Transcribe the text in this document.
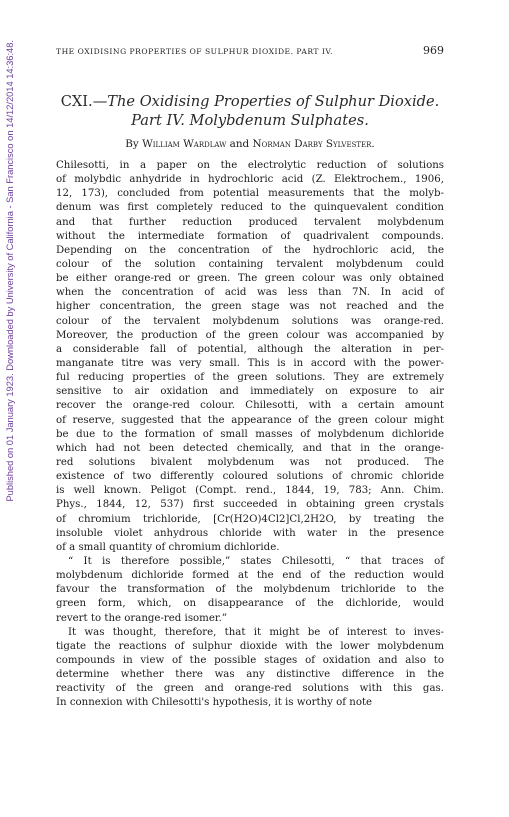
Published on 01 January 1923. Downloaded by University of California - San Francisco on 14/12/2014 14:36:48.	THE OXIDISING PROPERTIES OF SULPHUR DIOXIDE. PART IV.	969
CXI.—The Oxidising Properties of Sulphur Dioxide.
Part IV. Molybdenum Sulphates.
By William Wardlaw and Norman Darby Sylvester.
Chilesotti, in a paper on the electrolytic reduction of solutions
of molybdic anhydride in hydrochloric acid (Z. Elektrochem., 1906,
12, 173), concluded from potential measurements that the molyb-
denum was first completely reduced to the quinquevalent condition
and that further reduction produced tervalent molybdenum
without the intermediate formation of quadrivalent compounds.
Depending on the concentration of the hydrochloric acid, the
colour of the solution containing tervalent molybdenum could
be either orange-red or green. The green colour was only obtained
when the concentration of acid was less than 7N. In acid of
higher concentration, the green stage was not reached and the
colour of the tervalent molybdenum solutions was orange-red.
Moreover, the production of the green colour was accompanied by
a considerable fall of potential, although the alteration in per-
manganate titre was very small. This is in accord with the power-
ful reducing properties of the green solutions. They are extremely
sensitive to air oxidation and immediately on exposure to air
recover the orange-red colour. Chilesotti, with a certain amount
of reserve, suggested that the appearance of the green colour might
be due to the formation of small masses of molybdenum dichloride
which had not been detected chemically, and that in the orange-
red solutions bivalent molybdenum was not produced. The
existence of two differently coloured solutions of chromic chloride
is well known. Peligot (Compt. rend., 1844, 19, 783; Ann. Chim.
Phys., 1844, 12, 537) first succeeded in obtaining green crystals
of chromium trichloride, [Cr(H2O)4Cl2]Cl,2H2O, by treating the
insoluble violet anhydrous chloride with water in the presence
of a small quantity of chromium dichloride.
“ It is therefore possible,” states Chilesotti, “ that traces of
molybdenum dichloride formed at the end of the reduction would
favour the transformation of the molybdenum trichloride to the
green form, which, on disappearance of the dichloride, would
revert to the orange-red isomer.”
It was thought, therefore, that it might be of interest to inves-
tigate the reactions of sulphur dioxide with the lower molybdenum
compounds in view of the possible stages of oxidation and also to
determine whether there was any distinctive difference in the
reactivity of the green and orange-red solutions with this gas.
In connexion with Chilesotti's hypothesis, it is worthy of note
